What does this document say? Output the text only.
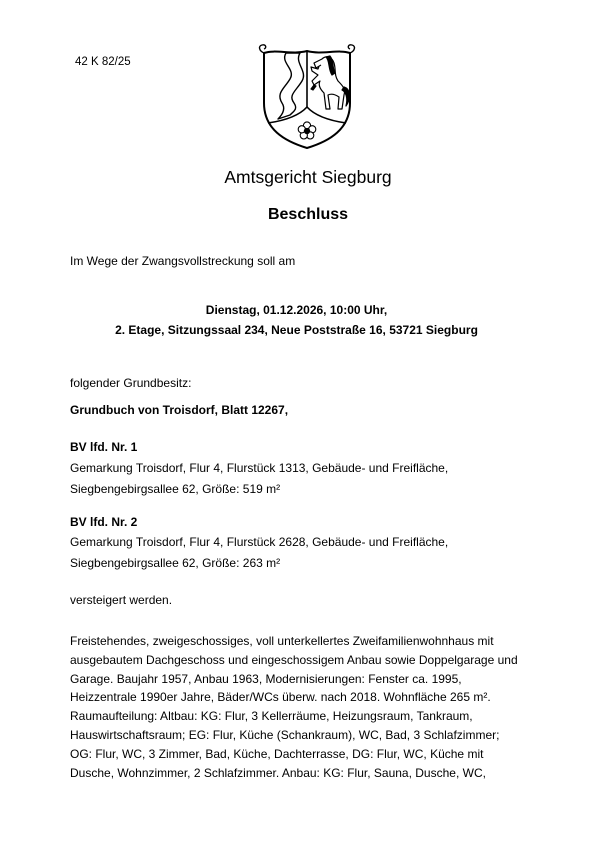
42 K 82/25
Amtsgericht Siegburg
Beschluss
Im Wege der Zwangsvollstreckung soll am
Dienstag, 01.12.2026, 10:00 Uhr,
2. Etage, Sitzungssaal 234, Neue Poststraße 16, 53721 Siegburg
folgender Grundbesitz:
Grundbuch von Troisdorf, Blatt 12267,
BV lfd. Nr. 1
Gemarkung Troisdorf, Flur 4, Flurstück 1313, Gebäude- und Freifläche,
Siegbengebirgsallee 62, Größe: 519 m²
BV lfd. Nr. 2
Gemarkung Troisdorf, Flur 4, Flurstück 2628, Gebäude- und Freifläche,
Siegbengebirgsallee 62, Größe: 263 m²
versteigert werden.
Freistehendes, zweigeschossiges, voll unterkellertes Zweifamilienwohnhaus mit
ausgebautem Dachgeschoss und eingeschossigem Anbau sowie Doppelgarage und
Garage. Baujahr 1957, Anbau 1963, Modernisierungen: Fenster ca. 1995,
Heizzentrale 1990er Jahre, Bäder/WCs überw. nach 2018. Wohnfläche 265 m².
Raumaufteilung: Altbau: KG: Flur, 3 Kellerräume, Heizungsraum, Tankraum,
Hauswirtschaftsraum; EG: Flur, Küche (Schankraum), WC, Bad, 3 Schlafzimmer;
OG: Flur, WC, 3 Zimmer, Bad, Küche, Dachterrasse, DG: Flur, WC, Küche mit
Dusche, Wohnzimmer, 2 Schlafzimmer. Anbau: KG: Flur, Sauna, Dusche, WC,
